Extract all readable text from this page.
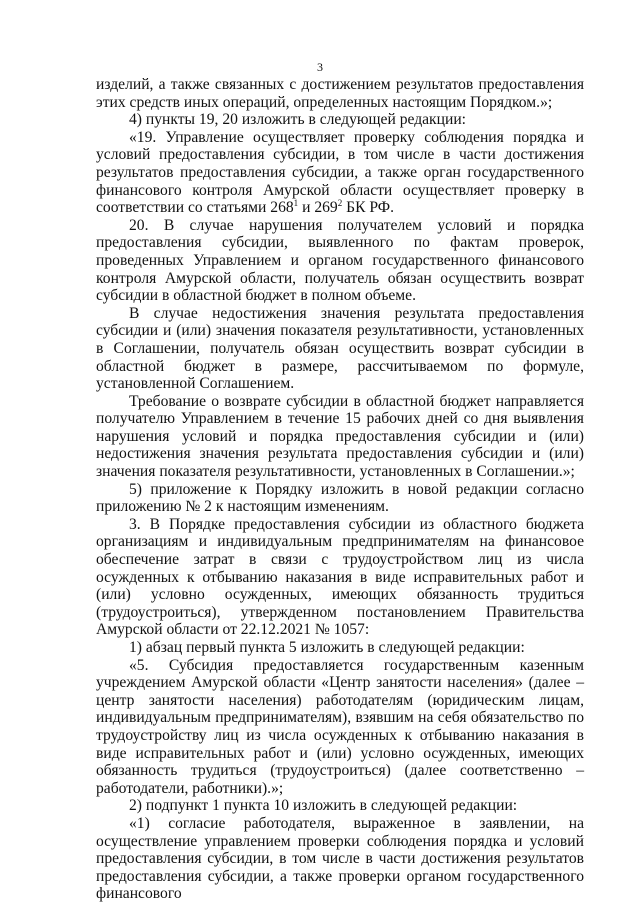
3

изделий, а также связанных с достижением результатов предоставления этих средств иных операций, определенных настоящим Порядком.»;

4) пункты 19, 20 изложить в следующей редакции:

«19. Управление осуществляет проверку соблюдения порядка и условий предоставления субсидии, в том числе в части достижения результатов предоставления субсидии, а также орган государственного финансового контроля Амурской области осуществляет проверку в соответствии со статьями $268^1$ и $269^2$ БК РФ.

20. В случае нарушения получателем условий и порядка предоставления субсидии, выявленного по фактам проверок, проведенных Управлением и органом государственного финансового контроля Амурской области, получатель обязан осуществить возврат субсидии в областной бюджет в полном объеме.

В случае недостижения значения результата предоставления субсидии и (или) значения показателя результативности, установленных в Соглашении, получатель обязан осуществить возврат субсидии в областной бюджет в размере, рассчитываемом по формуле, установленной Соглашением.

Требование о возврате субсидии в областной бюджет направляется получателю Управлением в течение 15 рабочих дней со дня выявления нарушения условий и порядка предоставления субсидии и (или) недостижения значения результата предоставления субсидии и (или) значения показателя результативности, установленных в Соглашении.»;

5) приложение к Порядку изложить в новой редакции согласно приложению № 2 к настоящим изменениям.

3. В Порядке предоставления субсидии из областного бюджета организациям и индивидуальным предпринимателям на финансовое обеспечение затрат в связи с трудоустройством лиц из числа осужденных к отбыванию наказания в виде исправительных работ и (или) условно осужденных, имеющих обязанность трудиться (трудоустроиться), утвержденном постановлением Правительства Амурской области от 22.12.2021 № 1057:

1) абзац первый пункта 5 изложить в следующей редакции:

«5. Субсидия предоставляется государственным казенным учреждением Амурской области «Центр занятости населения» (далее – центр занятости населения) работодателям (юридическим лицам, индивидуальным предпринимателям), взявшим на себя обязательство по трудоустройству лиц из числа осужденных к отбыванию наказания в виде исправительных работ и (или) условно осужденных, имеющих обязанность трудиться (трудоустроиться) (далее соответственно – работодатели, работники).»;

2) подпункт 1 пункта 10 изложить в следующей редакции:

«1) согласие работодателя, выраженное в заявлении, на осуществление управлением проверки соблюдения порядка и условий предоставления субсидии, в том числе в части достижения результатов предоставления субсидии, а также проверки органом государственного финансового
